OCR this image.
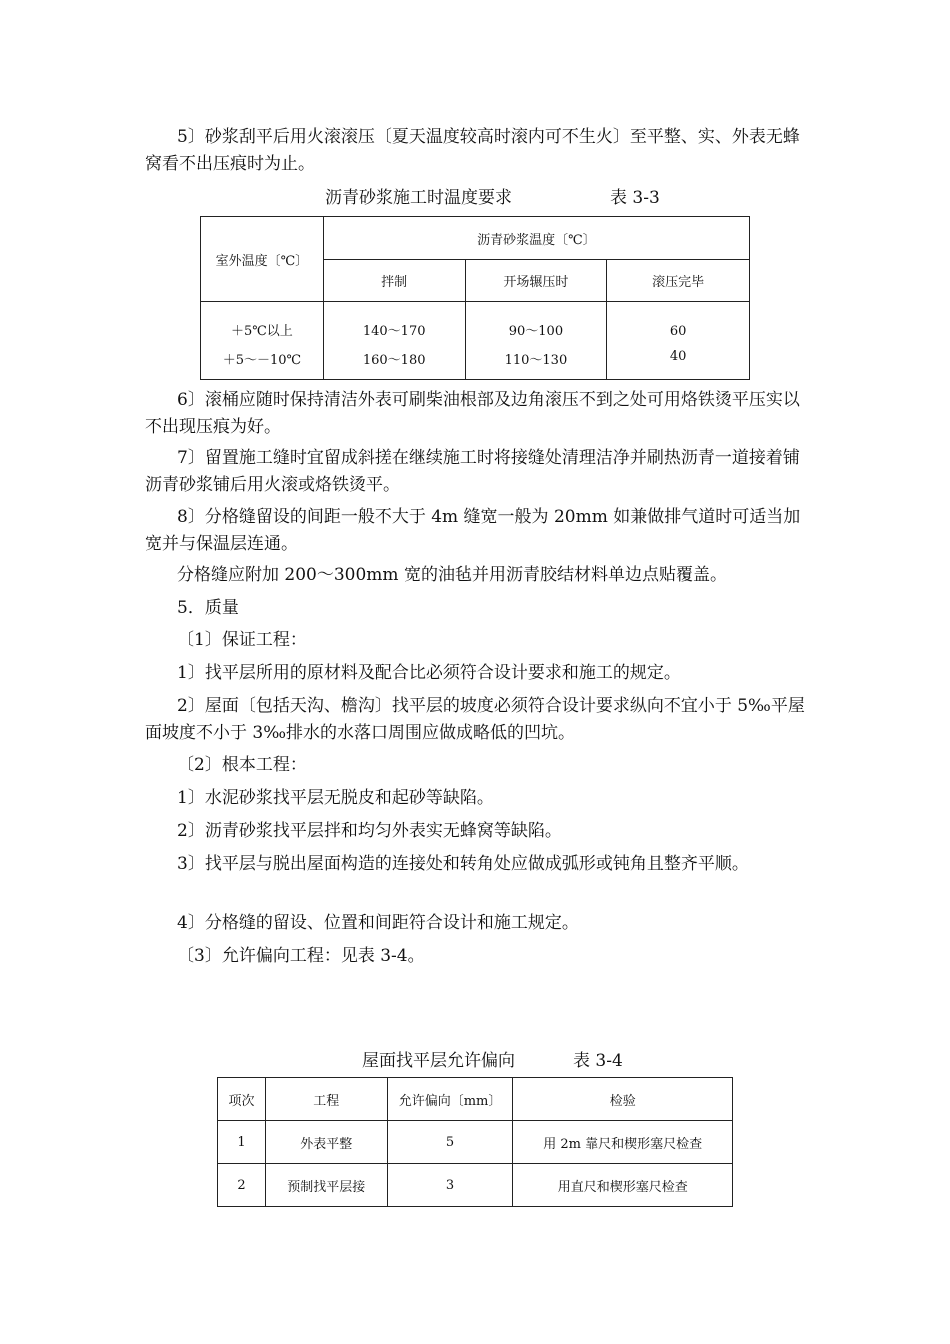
5〕砂浆刮平后用火滚滚压〔夏天温度较高时滚内可不生火〕至平整、实、外表无蜂窝看不出压痕时为止。

沥青砂浆施工时温度要求	表 3-3
室外温度〔℃〕	沥青砂浆温度〔℃〕		
	拌制	开场辗压时	滚压完毕
＋5℃以上	140～170	90～100	60
＋5～－10℃	160～180	110～130	40

6〕滚桶应随时保持清洁外表可刷柴油根部及边角滚压不到之处可用烙铁烫平压实以不出现压痕为好。

7〕留置施工缝时宜留成斜搓在继续施工时将接缝处清理洁净并刷热沥青一道接着铺沥青砂浆铺后用火滚或烙铁烫平。

8〕分格缝留设的间距一般不大于 4m 缝宽一般为 20mm 如兼做排气道时可适当加宽并与保温层连通。

分格缝应附加 200～300mm 宽的油毡并用沥青胶结材料单边点贴覆盖。

5．质量

〔1〕保证工程：

1〕找平层所用的原材料及配合比必须符合设计要求和施工的规定。

2〕屋面〔包括天沟、檐沟〕找平层的坡度必须符合设计要求纵向不宜小于 5‰平屋面坡度不小于 3‰排水的水落口周围应做成略低的凹坑。

〔2〕根本工程：

1〕水泥砂浆找平层无脱皮和起砂等缺陷。

2〕沥青砂浆找平层拌和均匀外表实无蜂窝等缺陷。

3〕找平层与脱出屋面构造的连接处和转角处应做成弧形或钝角且整齐平顺。

4〕分格缝的留设、位置和间距符合设计和施工规定。

〔3〕允许偏向工程：见表 3-4。

屋面找平层允许偏向	表 3-4
项次	工程	允许偏向〔mm〕	检验
1	外表平整	5	用 2m 靠尺和楔形塞尺检查
2	预制找平层接	3	用直尺和楔形塞尺检查
